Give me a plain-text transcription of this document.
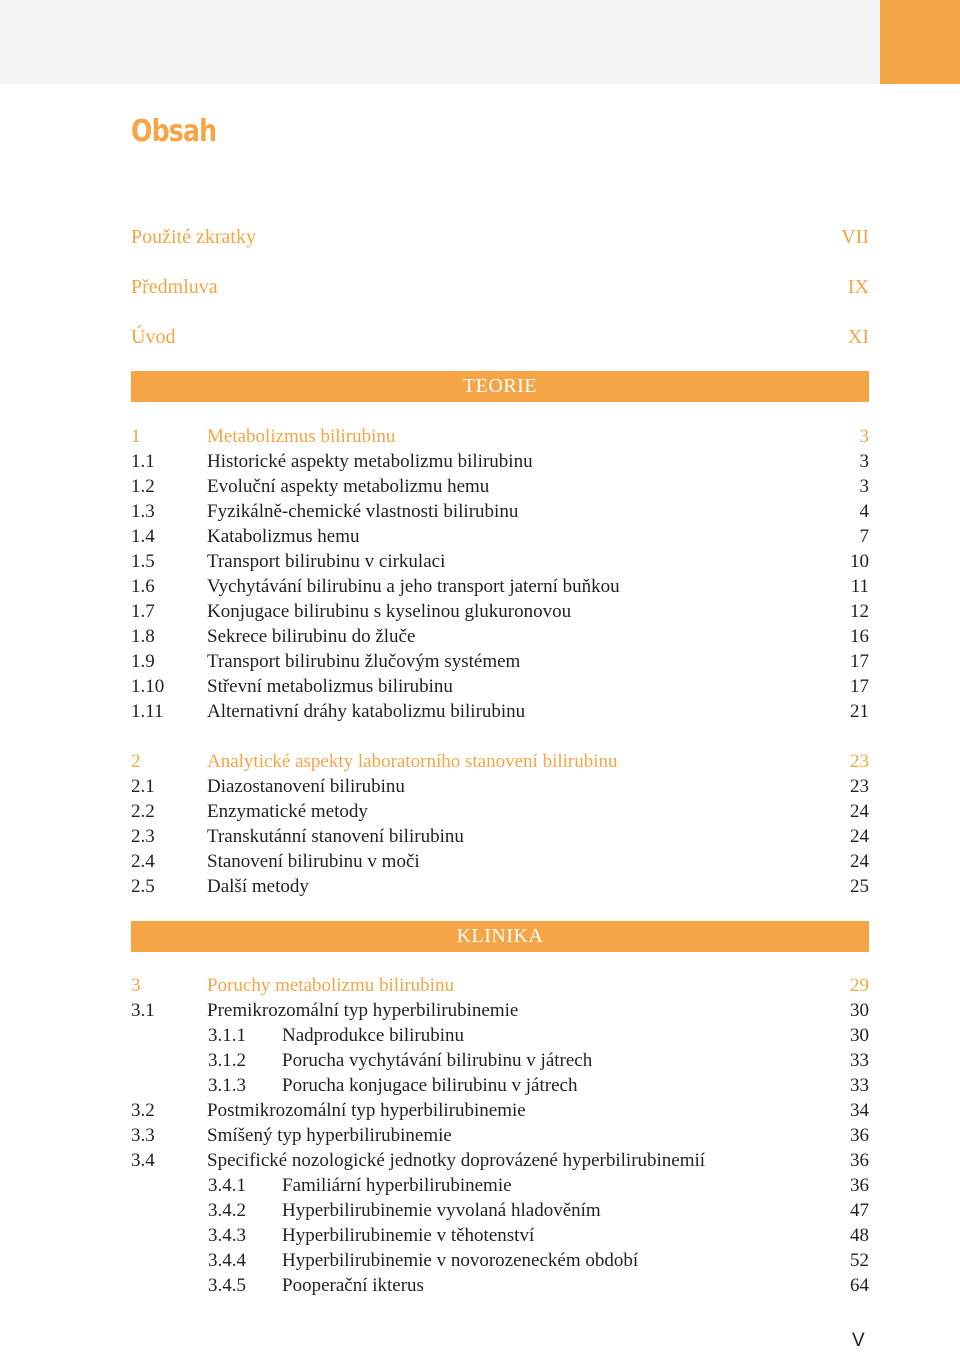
Obsah
Použité zkratky	VII
Předmluva	IX
Úvod	XI
TEORIE
1	Metabolizmus bilirubinu	3
1.1	Historické aspekty metabolizmu bilirubinu	3
1.2	Evoluční aspekty metabolizmu hemu	3
1.3	Fyzikálně-chemické vlastnosti bilirubinu	4
1.4	Katabolizmus hemu	7
1.5	Transport bilirubinu v cirkulaci	10
1.6	Vychytávání bilirubinu a jeho transport jaterní buňkou	11
1.7	Konjugace bilirubinu s kyselinou glukuronovou	12
1.8	Sekrece bilirubinu do žluče	16
1.9	Transport bilirubinu žlučovým systémem	17
1.10 Střevní metabolizmus bilirubinu	17
1.11 Alternativní dráhy katabolizmu bilirubinu	21
2	Analytické aspekty laboratorního stanovení bilirubinu	23
2.1	Diazostanovení bilirubinu	23
2.2	Enzymatické metody	24
2.3	Transkutánní stanovení bilirubinu	24
2.4	Stanovení bilirubinu v moči	24
2.5	Další metody	25
KLINIKA
3	Poruchy metabolizmu bilirubinu	29
3.1	Premikrozomální typ hyperbilirubinemie	30
3.1.1 Nadprodukce bilirubinu	30
3.1.2 Porucha vychytávání bilirubinu v játrech	33
3.1.3 Porucha konjugace bilirubinu v játrech	33
3.2	Postmikrozomální typ hyperbilirubinemie	34
3.3	Smíšený typ hyperbilirubinemie	36
3.4	Specifické nozologické jednotky doprovázené hyperbilirubinemií	36
3.4.1 Familiární hyperbilirubinemie	36
3.4.2 Hyperbilirubinemie vyvolaná hladověním	47
3.4.3 Hyperbilirubinemie v těhotenství	48
3.4.4 Hyperbilirubinemie v novorozeneckém období	52
3.4.5 Pooperační ikterus	64
V
